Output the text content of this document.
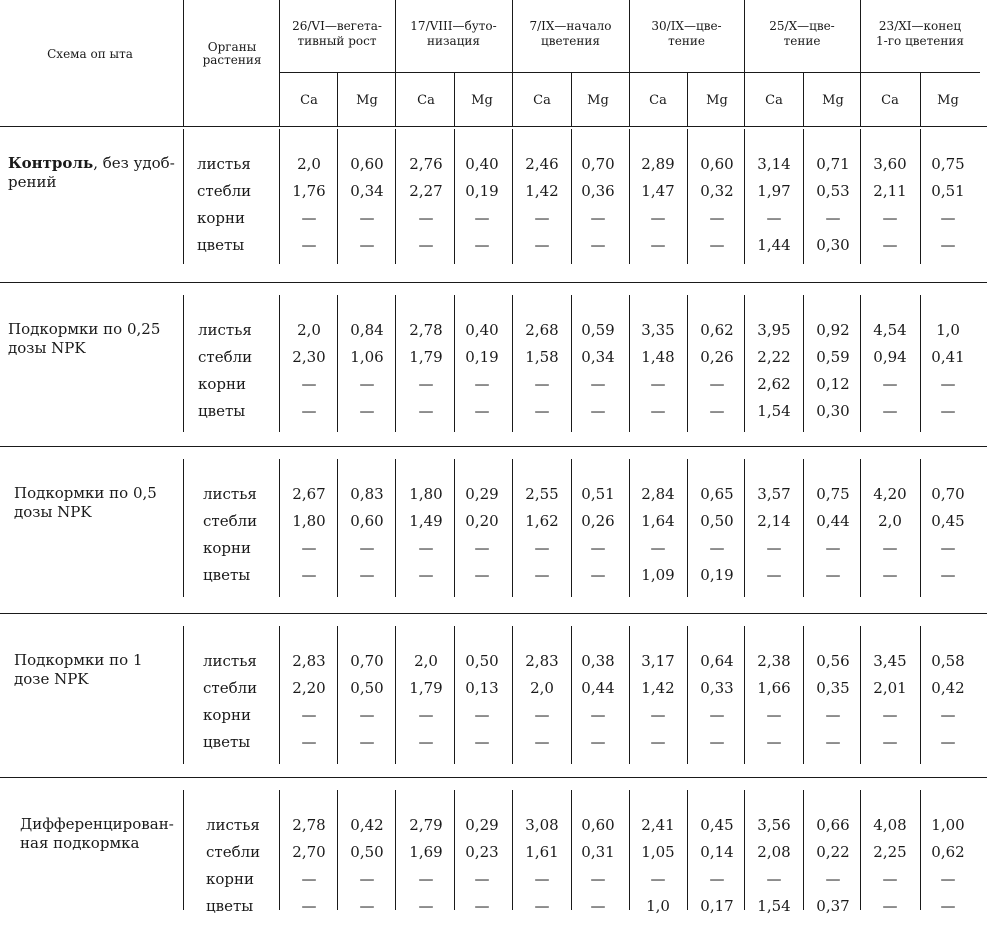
Схема оп ыта	Органы растения
26/VI—вегета-
тивный рост
Ca	Mg
17/VIII—буто-
низация
Ca	Mg
7/IX—начало
цветения
Ca	Mg
30/IX—цве-
тение
Ca	Mg
25/X—цве-
тение
Ca	Mg
23/XI—конец
1-го цветения
Ca	Mg
Контроль, без удоб-
рений
листья
стебли
корни
цветы
2,0	0,60	2,76	0,40	2,46	0,70	2,89	0,60	3,14	0,71	3,60	0,75
1,76	0,34	2,27	0,19	1,42	0,36	1,47	0,32	1,97	0,53	2,11	0,51
—	—	—	—	—	—	—	—	—	—	—	—
—	—	—	—	—	—	—	—	1,44	0,30	—	—
Подкормки по 0,25
дозы NPK
листья
стебли
корни
цветы
2,0	0,84	2,78	0,40	2,68	0,59	3,35	0,62	3,95	0,92	4,54	1,0
2,30	1,06	1,79	0,19	1,58	0,34	1,48	0,26	2,22	0,59	0,94	0,41
—	—	—	—	—	—	—	—	2,62	0,12	—	—
—	—	—	—	—	—	—	—	1,54	0,30	—	—
Подкормки по 0,5
дозы NPK
листья
стебли
корни
цветы
2,67	0,83	1,80	0,29	2,55	0,51	2,84	0,65	3,57	0,75	4,20	0,70
1,80	0,60	1,49	0,20	1,62	0,26	1,64	0,50	2,14	0,44	2,0	0,45
—	—	—	—	—	—	—	—	—	—	—	—
—	—	—	—	—	—	1,09	0,19	—	—	—	—
Подкормки по 1
дозе NPK
листья
стебли
корни
цветы
2,83	0,70	2,0	0,50	2,83	0,38	3,17	0,64	2,38	0,56	3,45	0,58
2,20	0,50	1,79	0,13	2,0	0,44	1,42	0,33	1,66	0,35	2,01	0,42
—	—	—	—	—	—	—	—	—	—	—	—
—	—	—	—	—	—	—	—	—	—	—	—
Дифференцирован-
ная подкормка
листья
стебли
корни
цветы
2,78	0,42	2,79	0,29	3,08	0,60	2,41	0,45	3,56	0,66	4,08	1,00
2,70	0,50	1,69	0,23	1,61	0,31	1,05	0,14	2,08	0,22	2,25	0,62
—	—	—	—	—	—	—	—	—	—	—	—
—	—	—	—	—	—	1,0	0,17	1,54	0,37	—	—
